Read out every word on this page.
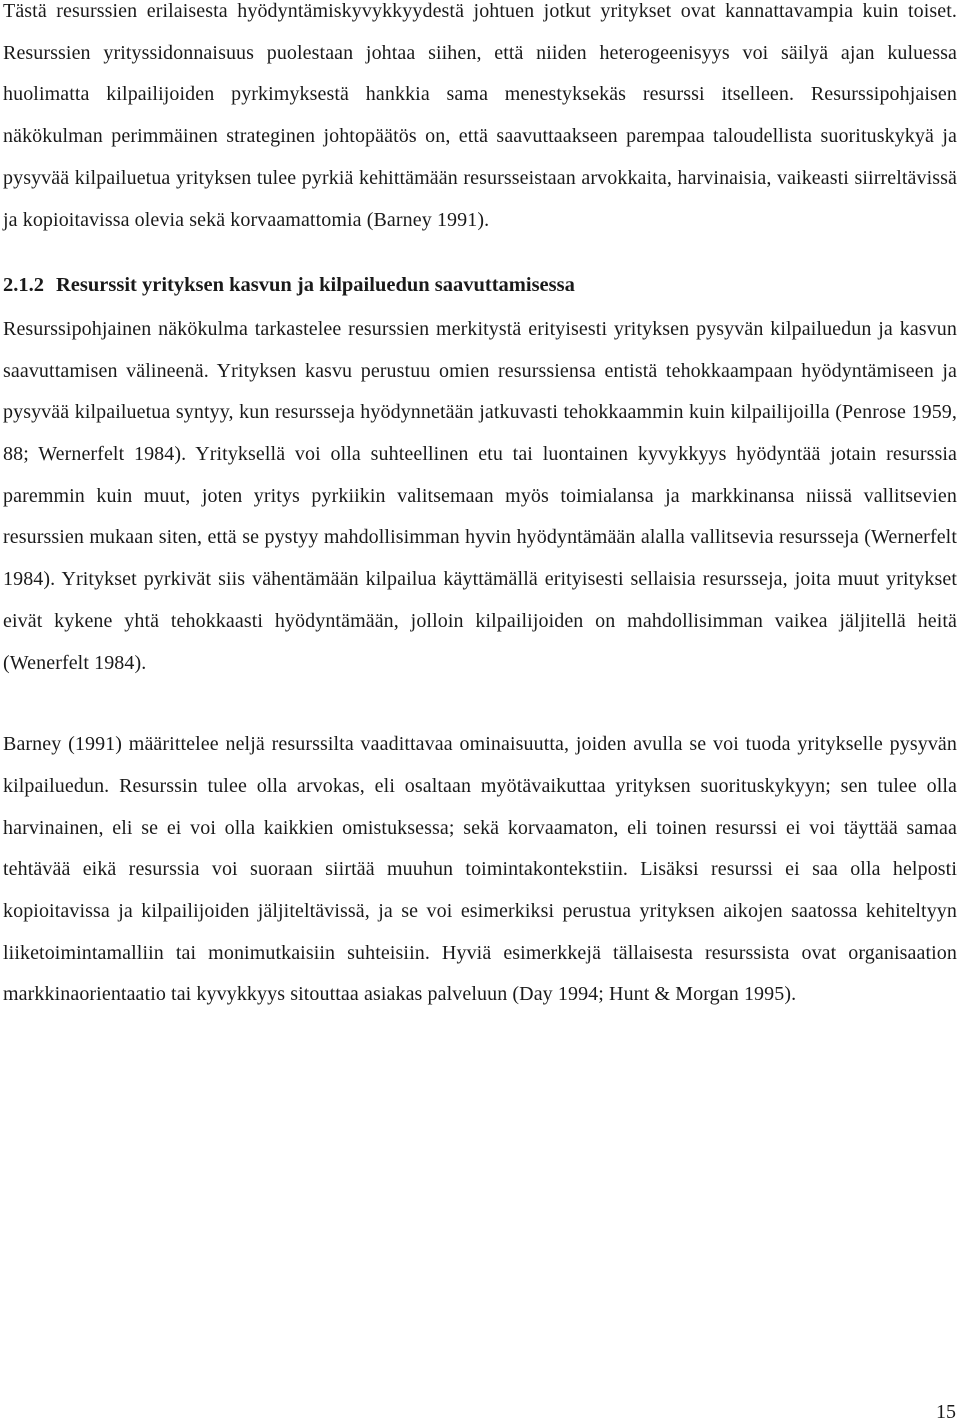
Tästä resurssien erilaisesta hyödyntämiskyvykkyydestä johtuen jotkut yritykset ovat kannattavampia kuin toiset. Resurssien yrityssidonnaisuus puolestaan johtaa siihen, että niiden heterogeenisyys voi säilyä ajan kuluessa huolimatta kilpailijoiden pyrkimyksestä hankkia sama menestyksekäs resurssi itselleen. Resurssipohjaisen näkökulman perimmäinen strateginen johtopäätös on, että saavuttaakseen parempaa taloudellista suorituskykyä ja pysyvää kilpailuetua yrityksen tulee pyrkiä kehittämään resursseistaan arvokkaita, harvinaisia, vaikeasti siirreltävissä ja kopioitavissa olevia sekä korvaamattomia (Barney 1991).

2.1.2 Resurssit yrityksen kasvun ja kilpailuedun saavuttamisessa

Resurssipohjainen näkökulma tarkastelee resurssien merkitystä erityisesti yrityksen pysyvän kilpailuedun ja kasvun saavuttamisen välineenä. Yrityksen kasvu perustuu omien resurssiensa entistä tehokkaampaan hyödyntämiseen ja pysyvää kilpailuetua syntyy, kun resursseja hyödynnetään jatkuvasti tehokkaammin kuin kilpailijoilla (Penrose 1959, 88; Wernerfelt 1984). Yrityksellä voi olla suhteellinen etu tai luontainen kyvykkyys hyödyntää jotain resurssia paremmin kuin muut, joten yritys pyrkiikin valitsemaan myös toimialansa ja markkinansa niissä vallitsevien resurssien mukaan siten, että se pystyy mahdollisimman hyvin hyödyntämään alalla vallitsevia resursseja (Wernerfelt 1984). Yritykset pyrkivät siis vähentämään kilpailua käyttämällä erityisesti sellaisia resursseja, joita muut yritykset eivät kykene yhtä tehokkaasti hyödyntämään, jolloin kilpailijoiden on mahdollisimman vaikea jäljitellä heitä (Wenerfelt 1984).

Barney (1991) määrittelee neljä resurssilta vaadittavaa ominaisuutta, joiden avulla se voi tuoda yritykselle pysyvän kilpailuedun. Resurssin tulee olla arvokas, eli osaltaan myötävaikuttaa yrityksen suorituskykyyn; sen tulee olla harvinainen, eli se ei voi olla kaikkien omistuksessa; sekä korvaamaton, eli toinen resurssi ei voi täyttää samaa tehtävää eikä resurssia voi suoraan siirtää muuhun toimintakontekstiin. Lisäksi resurssi ei saa olla helposti kopioitavissa ja kilpailijoiden jäljiteltävissä, ja se voi esimerkiksi perustua yrityksen aikojen saatossa kehiteltyyn liiketoimintamalliin tai monimutkaisiin suhteisiin. Hyviä esimerkkejä tällaisesta resurssista ovat organisaation markkinaorientaatio tai kyvykkyys sitouttaa asiakas palveluun (Day 1994; Hunt & Morgan 1995).

15
